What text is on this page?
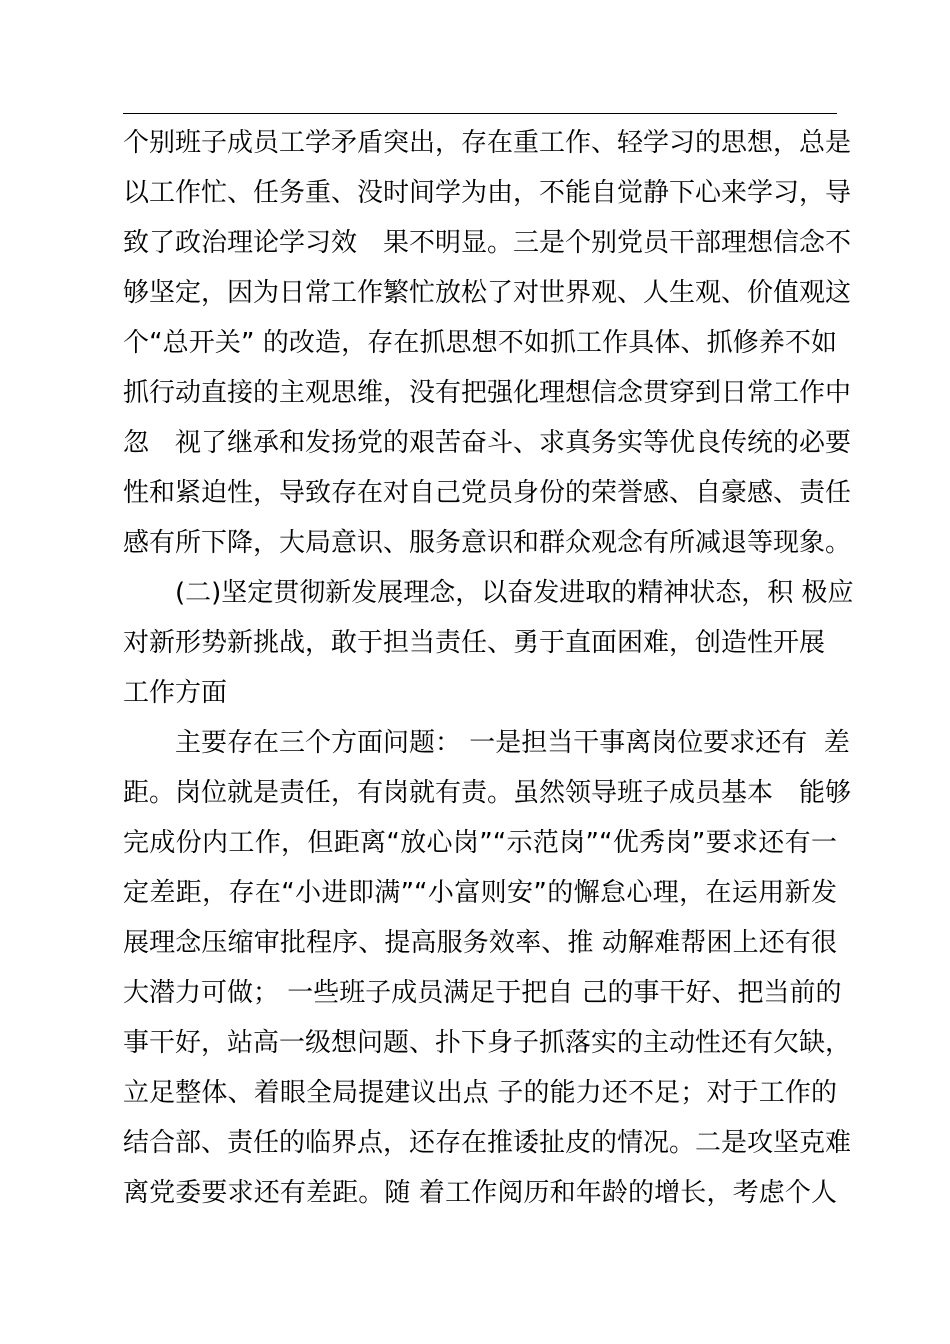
个别班子成员工学矛盾突出，存在重工作、轻学习的思想，总是
以工作忙、任务重、没时间学为由，不能自觉静下心来学习，导
致了政治理论学习效　果不明显。三是个别党员干部理想信念不
够坚定，因为日常工作繁忙放松了对世界观、人生观、价值观这
个“总开关” 的改造，存在抓思想不如抓工作具体、抓修养不如
抓行动直接的主观思维，没有把强化理想信念贯穿到日常工作中
忽　视了继承和发扬党的艰苦奋斗、求真务实等优良传统的必要
性和紧迫性，导致存在对自己党员身份的荣誉感、自豪感、责任
感有所下降，大局意识、服务意识和群众观念有所减退等现象。
(二)坚定贯彻新发展理念，以奋发进取的精神状态，积 极应
对新形势新挑战，敢于担当责任、勇于直面困难，创造性开展
工作方面
主要存在三个方面问题： 一是担当干事离岗位要求还有  差
距。岗位就是责任，有岗就有责。虽然领导班子成员基本　能够
完成份内工作，但距离“放心岗”“示范岗”“优秀岗”要求还有一
定差距，存在“小进即满”“小富则安”的懈怠心理，在运用新发
展理念压缩审批程序、提高服务效率、推 动解难帮困上还有很
大潜力可做； 一些班子成员满足于把自 己的事干好、把当前的
事干好，站高一级想问题、扑下身子抓落实的主动性还有欠缺，
立足整体、着眼全局提建议出点 子的能力还不足；对于工作的
结合部、责任的临界点，还存在推诿扯皮的情况。二是攻坚克难
离党委要求还有差距。随 着工作阅历和年龄的增长，考虑个人
